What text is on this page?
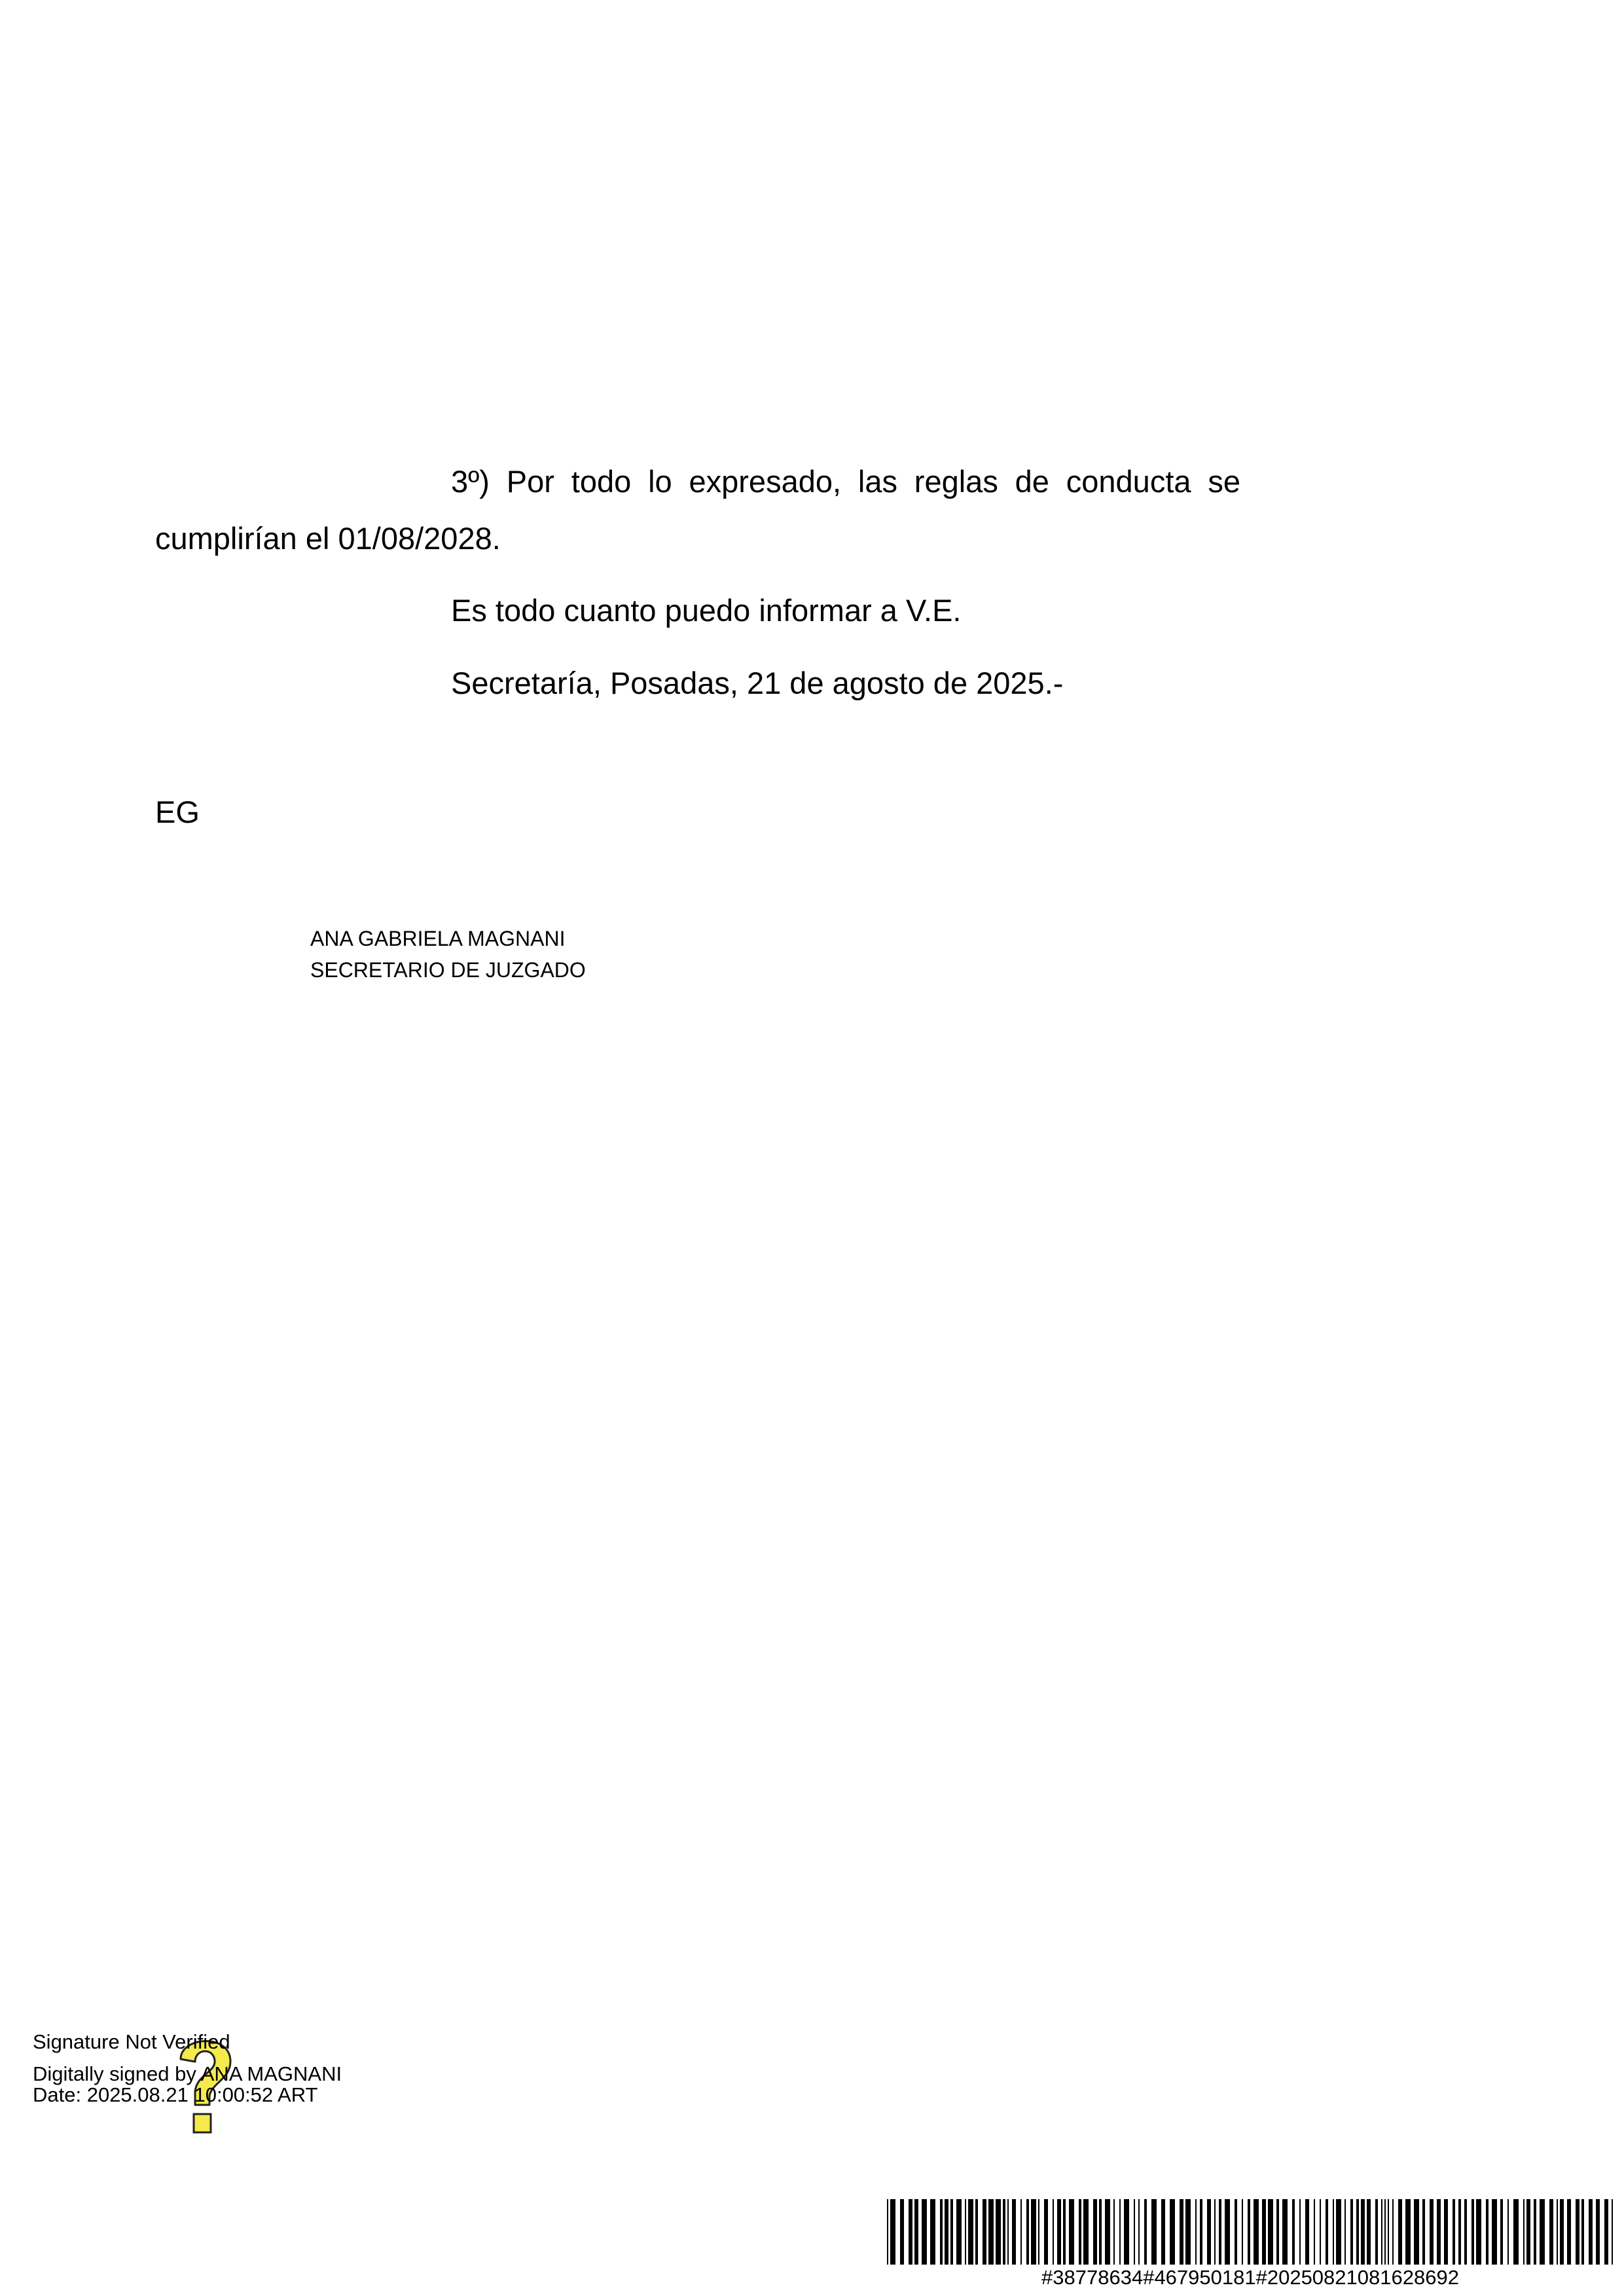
3º) Por todo lo expresado, las reglas de conducta se
cumplirían el 01/08/2028.
Es todo cuanto puedo informar a V.E.
Secretaría, Posadas, 21 de agosto de 2025.-
EG
ANA GABRIELA MAGNANI
SECRETARIO DE JUZGADO
Signature Not Verified
Digitally signed by ANA MAGNANI
Date: 2025.08.21 10:00:52 ART
#38778634#467950181#20250821081628692
